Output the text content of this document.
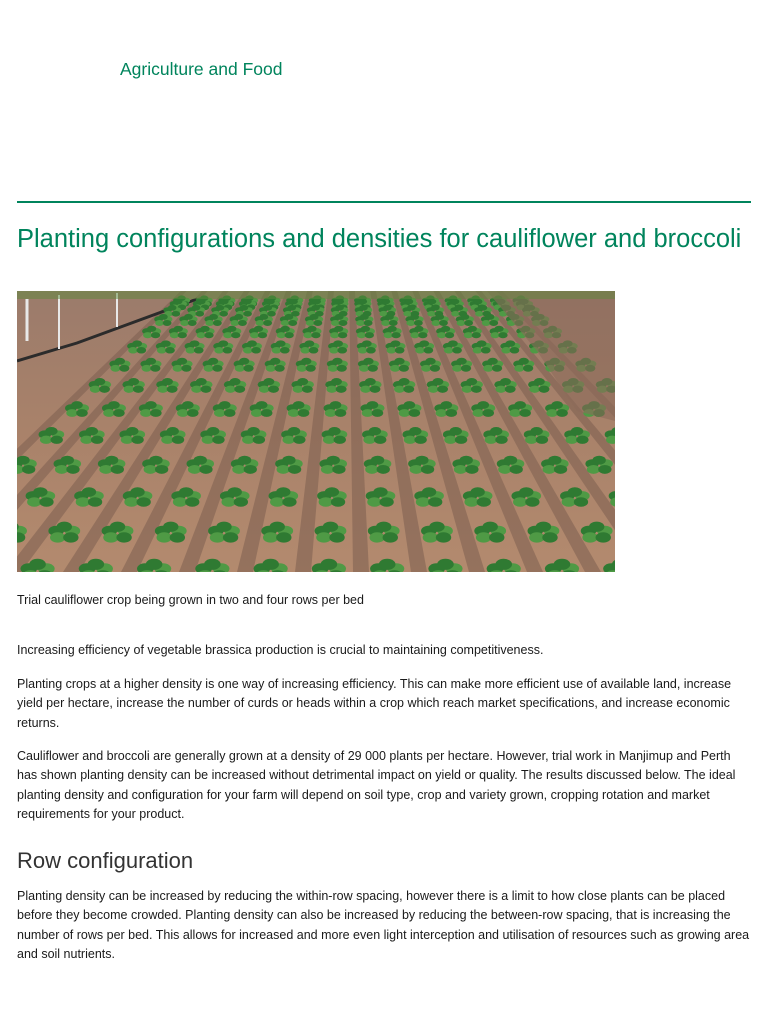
Agriculture and Food

Planting configurations and densities for cauliflower and broccoli

Trial cauliflower crop being grown in two and four rows per bed

Increasing efficiency of vegetable brassica production is crucial to maintaining competitiveness.

Planting crops at a higher density is one way of increasing efficiency. This can make more efficient use of available land, increase yield per hectare, increase the number of curds or heads within a crop which reach market specifications, and increase economic returns.

Cauliflower and broccoli are generally grown at a density of 29 000 plants per hectare. However, trial work in Manjimup and Perth has shown planting density can be increased without detrimental impact on yield or quality. The results discussed below. The ideal planting density and configuration for your farm will depend on soil type, crop and variety grown, cropping rotation and market requirements for your product.

Row configuration

Planting density can be increased by reducing the within-row spacing, however there is a limit to how close plants can be placed before they become crowded. Planting density can also be increased by reducing the between-row spacing, that is increasing the number of rows per bed. This allows for increased and more even light interception and utilisation of resources such as growing area and soil nutrients.
